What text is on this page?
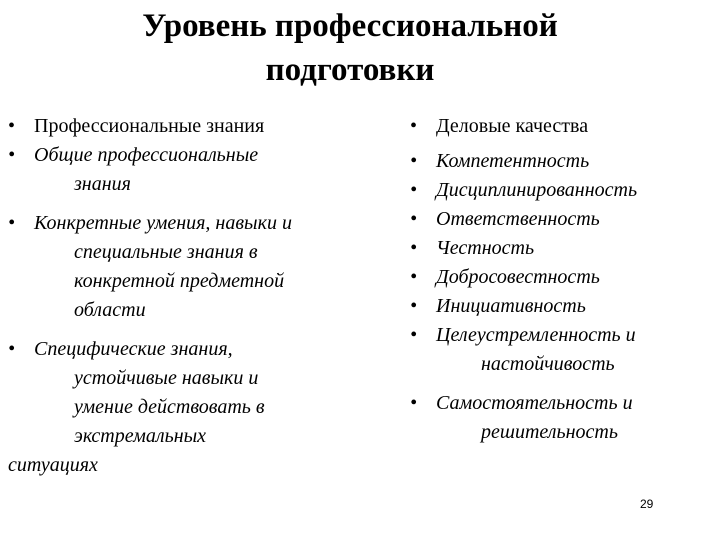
Уровень профессиональной
подготовки
• Профессиональные знания
• Общие профессиональные
знания
• Конкретные умения, навыки и
специальные знания в
конкретной предметной
области
• Специфические знания,
устойчивые навыки и
умение действовать в
экстремальных
ситуациях
• Деловые качества
• Компетентность
• Дисциплинированность
• Ответственность
• Честность
• Добросовестность
• Инициативность
• Целеустремленность и
настойчивость
• Самостоятельность и
решительность
29
